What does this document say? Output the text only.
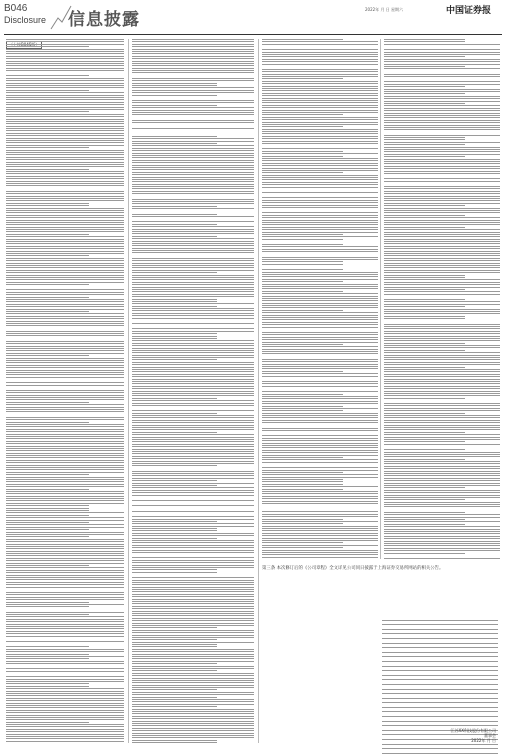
B046
Disclosure 信息披露
2022年 月 日 星期六	中国证券报
第三条 本次修订后的《公司章程》全文详见公司同日披露于上海证券交易所网站的相关公告。
江苏XX科技股份有限公司
董事会
2022年 月 日
